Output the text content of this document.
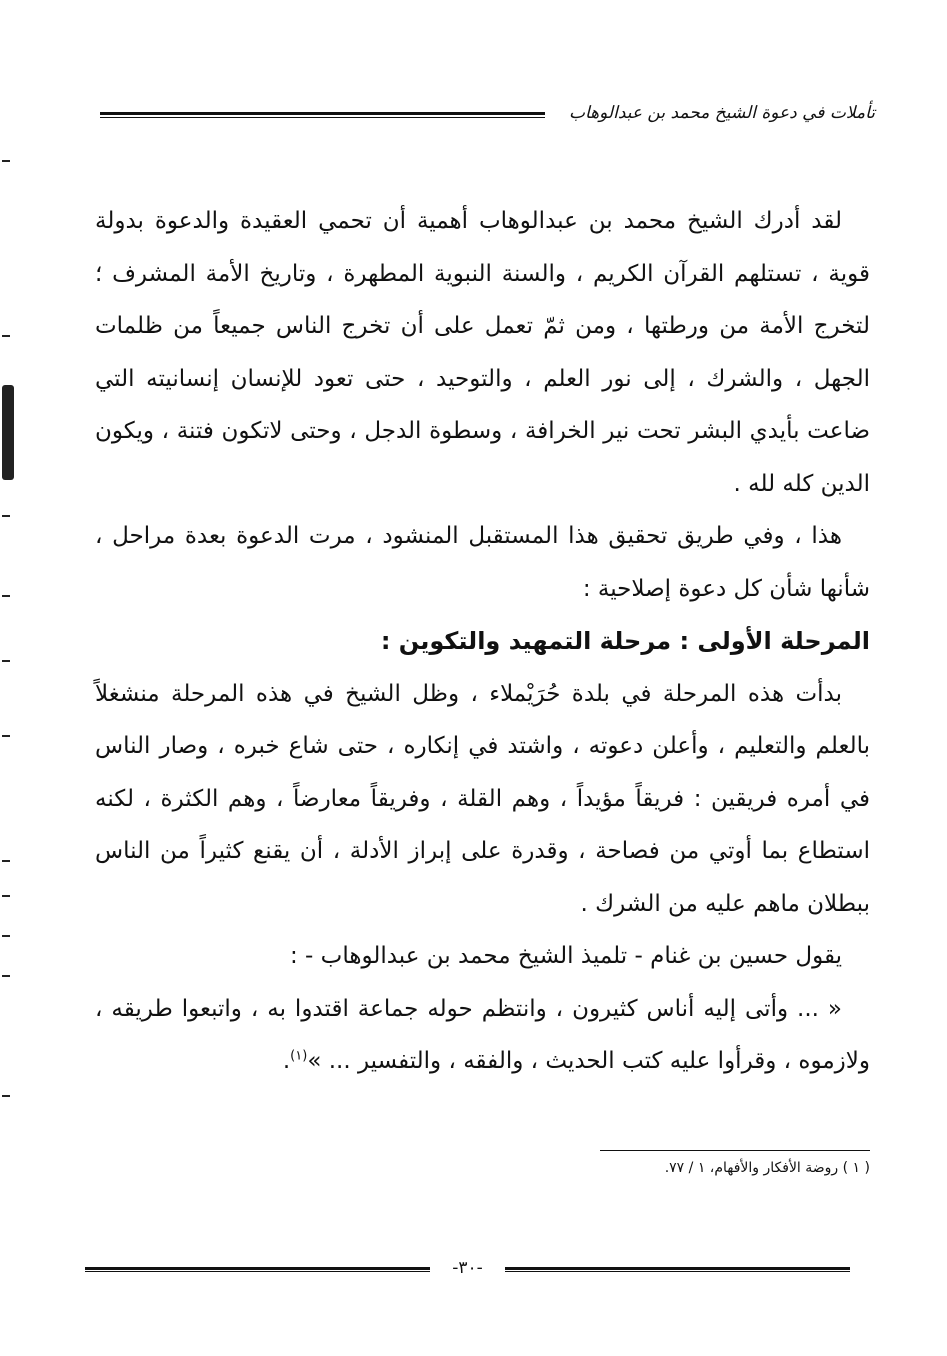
تأملات في دعوة الشيخ محمد بن عبدالوهاب

لقد أدرك الشيخ محمد بن عبدالوهاب أهمية أن تحمي العقيدة والدعوة بدولة قوية ، تستلهم القرآن الكريم ، والسنة النبوية المطهرة ، وتاريخ الأمة المشرف ؛ لتخرج الأمة من ورطتها ، ومن ثمّ تعمل على أن تخرج الناس جميعاً من ظلمات الجهل ، والشرك ، إلى نور العلم ، والتوحيد ، حتى تعود للإنسان إنسانيته التي ضاعت بأيدي البشر تحت نير الخرافة ، وسطوة الدجل ، وحتى لاتكون فتنة ، ويكون الدين كله لله .

هذا ، وفي طريق تحقيق هذا المستقبل المنشود ، مرت الدعوة بعدة مراحل ، شأنها شأن كل دعوة إصلاحية :

المرحلة الأولى : مرحلة التمهيد والتكوين :

بدأت هذه المرحلة في بلدة حُرَيْملاء ، وظل الشيخ في هذه المرحلة منشغلاً بالعلم والتعليم ، وأعلن دعوته ، واشتد في إنكاره ، حتى شاع خبره ، وصار الناس في أمره فريقين : فريقاً مؤيداً ، وهم القلة ، وفريقاً معارضاً ، وهم الكثرة ، لكنه استطاع بما أوتي من فصاحة ، وقدرة على إبراز الأدلة ، أن يقنع كثيراً من الناس ببطلان ماهم عليه من الشرك .

يقول حسين بن غنام - تلميذ الشيخ محمد بن عبدالوهاب - :

« ... وأتى إليه أناس كثيرون ، وانتظم حوله جماعة اقتدوا به ، واتبعوا طريقه ، ولازموه ، وقرأوا عليه كتب الحديث ، والفقه ، والتفسير ... »$^{(١)}$.

( ١ ) روضة الأفكار والأفهام، ١ / ٧٧.
-٣٠-
